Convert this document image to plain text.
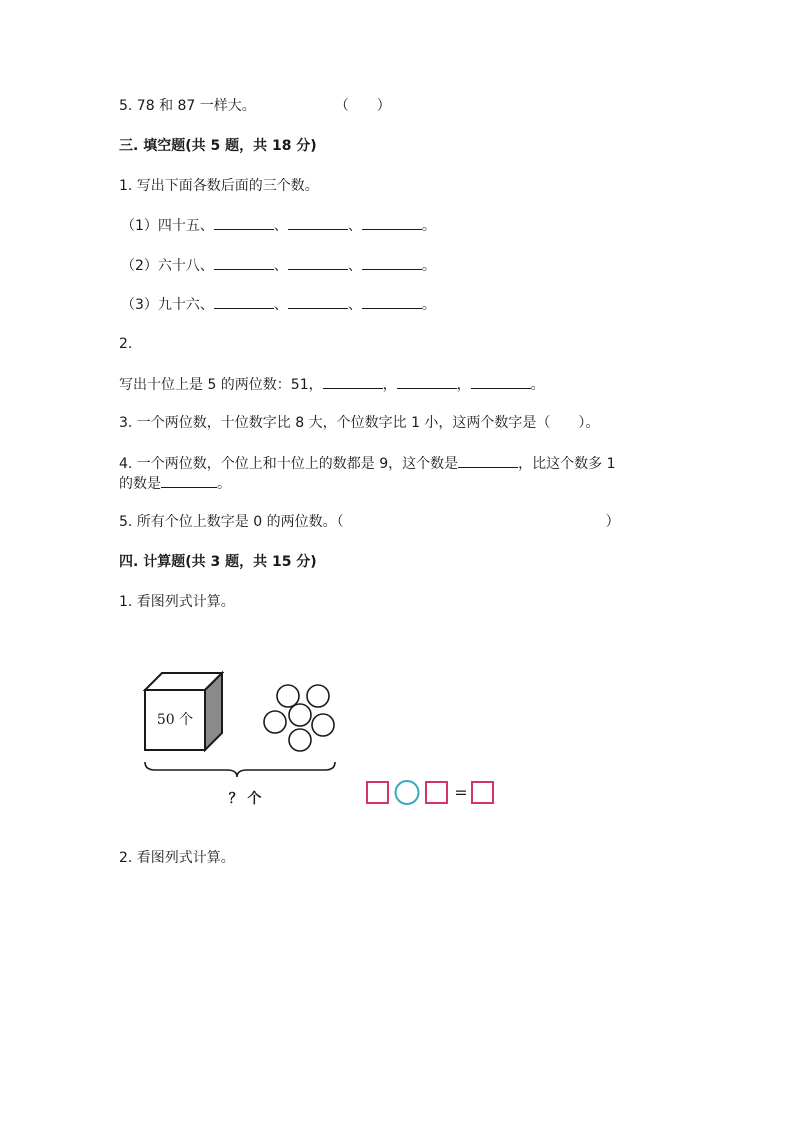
5. 78 和 87 一样大。	（　　）
三. 填空题(共 5 题，共 18 分)
1. 写出下面各数后面的三个数。
（1）四十五、	、	、	。
（2）六十八、	、	、	。
（3）九十六、	、	、	。
2.
写出十位上是 5 的两位数：51，	，	，	。
3. 一个两位数，十位数字比 8 大，个位数字比 1 小，这两个数字是（　　）。
4. 一个两位数，个位上和十位上的数都是 9，这个数是	，比这个数多 1
的数是	。
5. 所有个位上数字是 0 的两位数。（	）
四. 计算题(共 3 题，共 15 分)
1. 看图列式计算。
50 个
？ 个	=
2. 看图列式计算。
